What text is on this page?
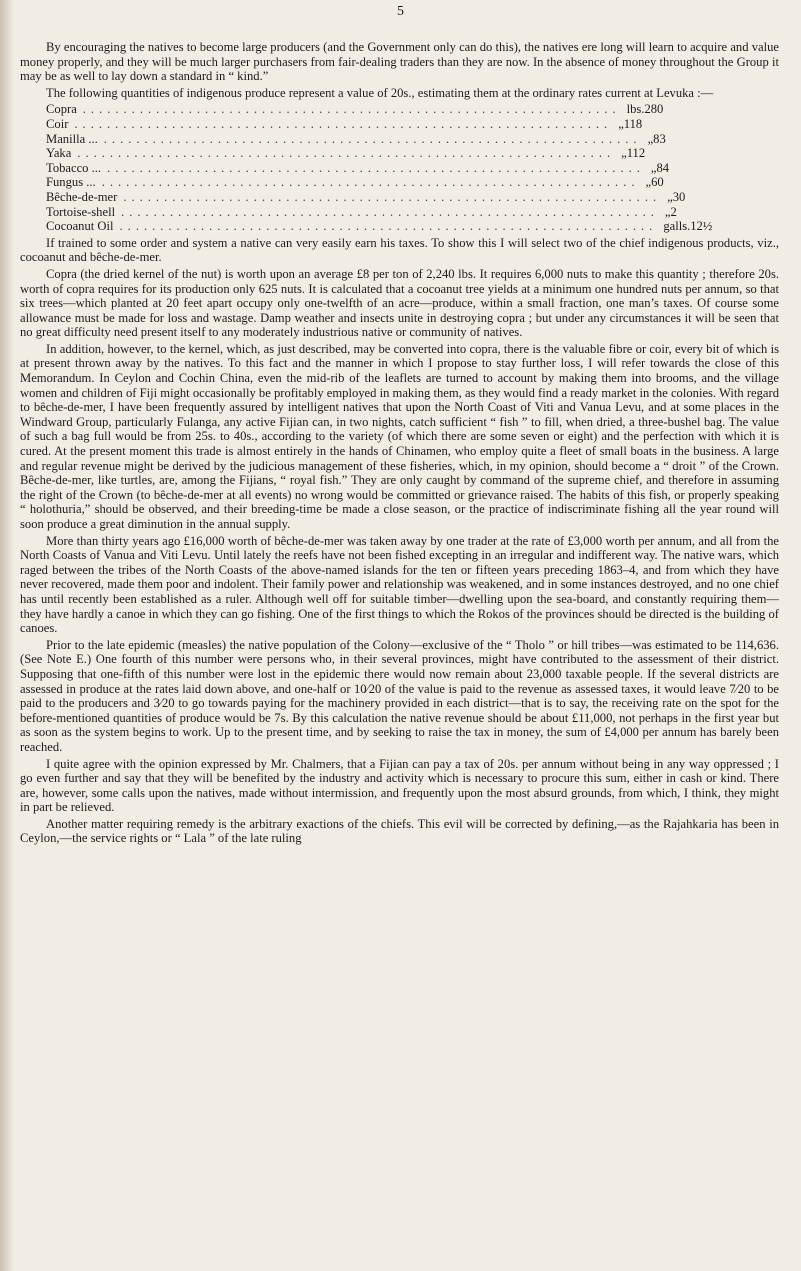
5

By encouraging the natives to become large producers (and the Government only can do this), the natives ere long will learn to acquire and value money properly, and they will be much larger purchasers from fair-dealing traders than they are now. In the absence of money throughout the Group it may be as well to lay down a standard in “ kind.”

The following quantities of indigenous produce represent a value of 20s., estimating them at the ordinary rates current at Levuka :—

Copra .................................................................. lbs. 280
Coir .................................................................. „ 118
Manilla ... .................................................................. „ 83
Yaka .................................................................. „ 112
Tobacco ... .................................................................. „ 84
Fungus ... .................................................................. „ 60
Bêche-de-mer .................................................................. „ 30
Tortoise-shell .................................................................. „ 2
Cocoanut Oil .................................................................. galls. 12½

If trained to some order and system a native can very easily earn his taxes. To show this I will select two of the chief indigenous products, viz., cocoanut and bêche-de-mer.

Copra (the dried kernel of the nut) is worth upon an average £8 per ton of 2,240 lbs. It requires 6,000 nuts to make this quantity ; therefore 20s. worth of copra requires for its production only 625 nuts. It is calculated that a cocoanut tree yields at a minimum one hundred nuts per annum, so that six trees—which planted at 20 feet apart occupy only one-twelfth of an acre—produce, within a small fraction, one man’s taxes. Of course some allowance must be made for loss and wastage. Damp weather and insects unite in destroying copra ; but under any circumstances it will be seen that no great difficulty need present itself to any moderately industrious native or community of natives.

In addition, however, to the kernel, which, as just described, may be converted into copra, there is the valuable fibre or coir, every bit of which is at present thrown away by the natives. To this fact and the manner in which I propose to stay further loss, I will refer towards the close of this Memorandum. In Ceylon and Cochin China, even the mid-rib of the leaflets are turned to account by making them into brooms, and the village women and children of Fiji might occasionally be profitably employed in making them, as they would find a ready market in the colonies. With regard to bêche-de-mer, I have been frequently assured by intelligent natives that upon the North Coast of Viti and Vanua Levu, and at some places in the Windward Group, particularly Fulanga, any active Fijian can, in two nights, catch sufficient “ fish ” to fill, when dried, a three-bushel bag. The value of such a bag full would be from 25s. to 40s., according to the variety (of which there are some seven or eight) and the perfection with which it is cured. At the present moment this trade is almost entirely in the hands of Chinamen, who employ quite a fleet of small boats in the business. A large and regular revenue might be derived by the judicious management of these fisheries, which, in my opinion, should become a “ droit ” of the Crown. Bêche-de-mer, like turtles, are, among the Fijians, “ royal fish.” They are only caught by command of the supreme chief, and therefore in assuming the right of the Crown (to bêche-de-mer at all events) no wrong would be committed or grievance raised. The habits of this fish, or properly speaking “ holothuria,” should be observed, and their breeding-time be made a close season, or the practice of indiscriminate fishing all the year round will soon produce a great diminution in the annual supply.

More than thirty years ago £16,000 worth of bêche-de-mer was taken away by one trader at the rate of £3,000 worth per annum, and all from the North Coasts of Vanua and Viti Levu. Until lately the reefs have not been fished excepting in an irregular and indifferent way. The native wars, which raged between the tribes of the North Coasts of the above-named islands for the ten or fifteen years preceding 1863–4, and from which they have never recovered, made them poor and indolent. Their family power and relationship was weakened, and in some instances destroyed, and no one chief has until recently been established as a ruler. Although well off for suitable timber—dwelling upon the sea-board, and constantly requiring them—they have hardly a canoe in which they can go fishing. One of the first things to which the Rokos of the provinces should be directed is the building of canoes.

Prior to the late epidemic (measles) the native population of the Colony—exclusive of the “ Tholo ” or hill tribes—was estimated to be 114,636. (See Note E.) One fourth of this number were persons who, in their several provinces, might have contributed to the assessment of their district. Supposing that one-fifth of this number were lost in the epidemic there would now remain about 23,000 taxable people. If the several districts are assessed in produce at the rates laid down above, and one-half or 10⁄20 of the value is paid to the revenue as assessed taxes, it would leave 7⁄20 to be paid to the producers and 3⁄20 to go towards paying for the machinery provided in each district—that is to say, the receiving rate on the spot for the before-mentioned quantities of produce would be 7s. By this calculation the native revenue should be about £11,000, not perhaps in the first year but as soon as the system begins to work. Up to the present time, and by seeking to raise the tax in money, the sum of £4,000 per annum has barely been reached.

I quite agree with the opinion expressed by Mr. Chalmers, that a Fijian can pay a tax of 20s. per annum without being in any way oppressed ; I go even further and say that they will be benefited by the industry and activity which is necessary to procure this sum, either in cash or kind. There are, however, some calls upon the natives, made without intermission, and frequently upon the most absurd grounds, from which, I think, they might in part be relieved.

Another matter requiring remedy is the arbitrary exactions of the chiefs. This evil will be corrected by defining,—as the Rajahkaria has been in Ceylon,—the service rights or “ Lala ” of the late ruling
